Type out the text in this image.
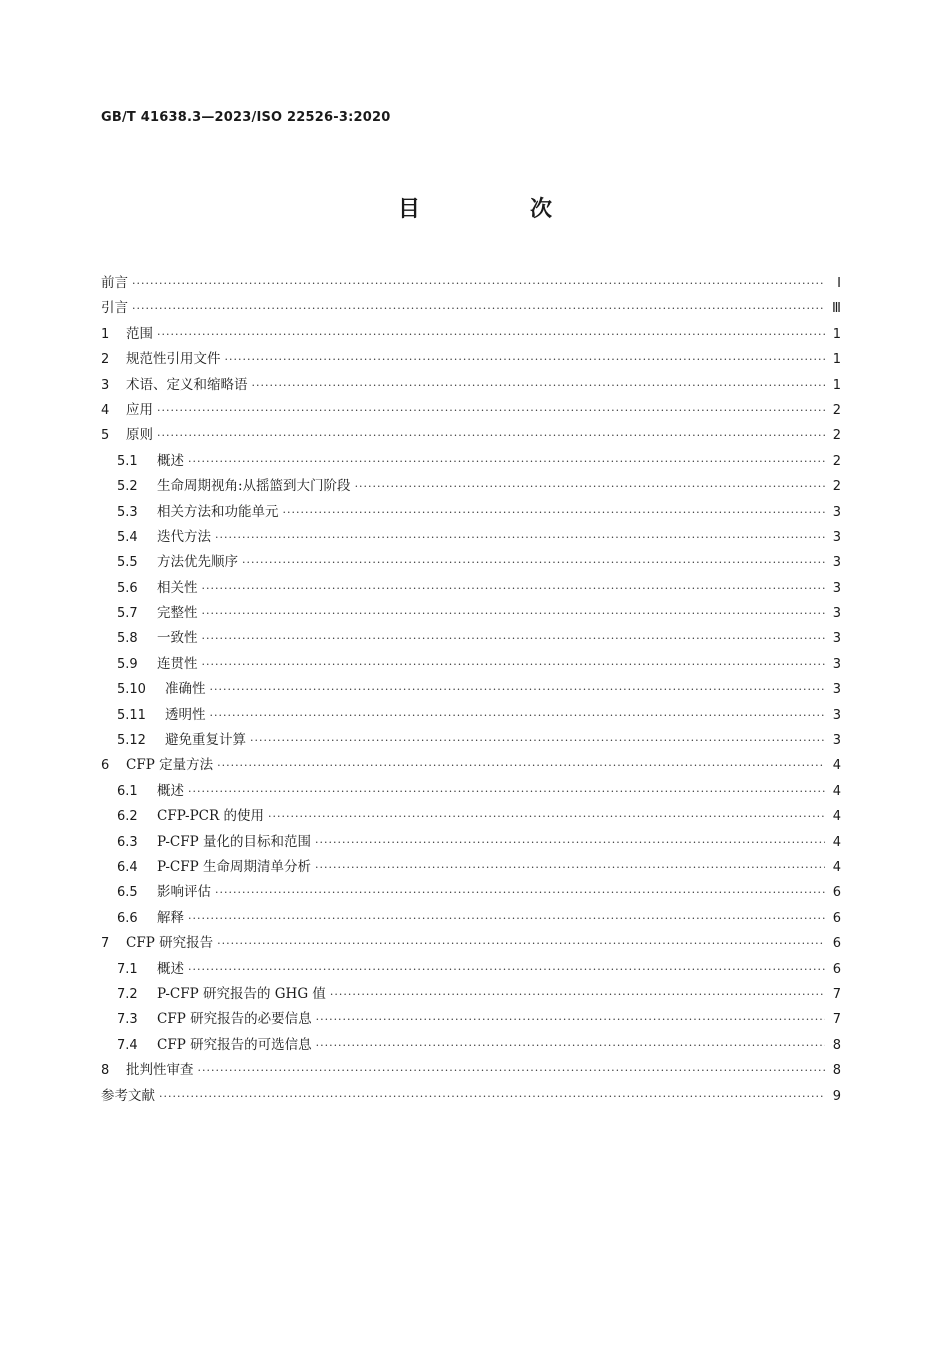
GB/T 41638.3—2023/ISO 22526-3:2020
目　次
前言 ·····	Ⅰ
引言 ·····	Ⅲ
1	范围 ·····	1
2	规范性引用文件 ·····	1
3	术语、定义和缩略语 ·····	1
4	应用 ·····	2
5	原则 ·····	2
5.1	概述 ·····	2
5.2	生命周期视角:从摇篮到大门阶段 ·····	2
5.3	相关方法和功能单元 ·····	3
5.4	迭代方法 ·····	3
5.5	方法优先顺序 ·····	3
5.6	相关性 ·····	3
5.7	完整性 ·····	3
5.8	一致性 ·····	3
5.9	连贯性 ·····	3
5.10	准确性 ·····	3
5.11	透明性 ·····	3
5.12	避免重复计算 ·····	3
6	CFP 定量方法 ·····	4
6.1	概述 ·····	4
6.2	CFP-PCR 的使用 ·····	4
6.3	P-CFP 量化的目标和范围 ·····	4
6.4	P-CFP 生命周期清单分析 ·····	4
6.5	影响评估 ·····	6
6.6	解释 ·····	6
7	CFP 研究报告 ·····	6
7.1	概述 ·····	6
7.2	P-CFP 研究报告的 GHG 值 ·····	7
7.3	CFP 研究报告的必要信息 ·····	7
7.4	CFP 研究报告的可选信息 ·····	8
8	批判性审查 ·····	8
参考文献 ·····	9
